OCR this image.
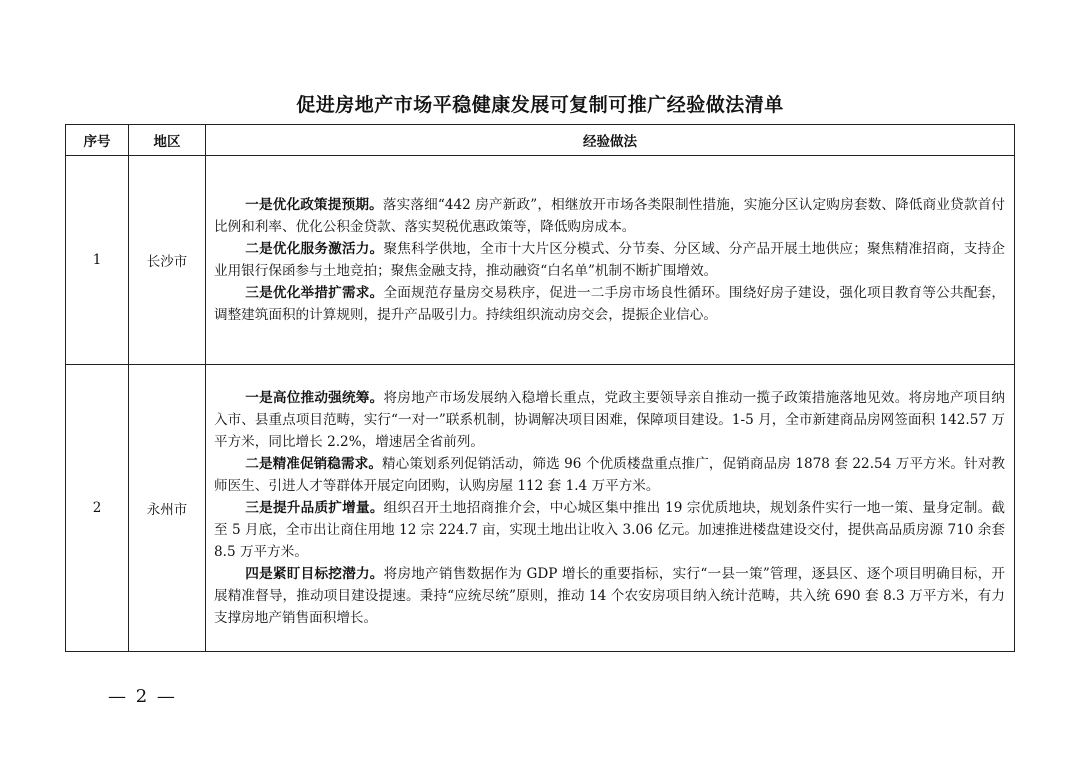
促进房地产市场平稳健康发展可复制可推广经验做法清单
序号	地区	经验做法
1	长沙市	一是优化政策提预期。落实落细“442 房产新政”，相继放开市场各类限制性措施，实施分区认定购房套数、降低商业贷款首付比例和利率、优化公积金贷款、落实契税优惠政策等，降低购房成本。

二是优化服务激活力。聚焦科学供地，全市十大片区分模式、分节奏、分区域、分产品开展土地供应；聚焦精准招商，支持企业用银行保函参与土地竞拍；聚焦金融支持，推动融资“白名单”机制不断扩围增效。

三是优化举措扩需求。全面规范存量房交易秩序，促进一二手房市场良性循环。围绕好房子建设，强化项目教育等公共配套，调整建筑面积的计算规则，提升产品吸引力。持续组织流动房交会，提振企业信心。

2	永州市	一是高位推动强统筹。将房地产市场发展纳入稳增长重点，党政主要领导亲自推动一揽子政策措施落地见效。将房地产项目纳入市、县重点项目范畴，实行“一对一”联系机制，协调解决项目困难，保障项目建设。1-5 月，全市新建商品房网签面积 142.57 万平方米，同比增长 2.2%，增速居全省前列。

二是精准促销稳需求。精心策划系列促销活动，筛选 96 个优质楼盘重点推广，促销商品房 1878 套 22.54 万平方米。针对教师医生、引进人才等群体开展定向团购，认购房屋 112 套 1.4 万平方米。

三是提升品质扩增量。组织召开土地招商推介会，中心城区集中推出 19 宗优质地块，规划条件实行一地一策、量身定制。截至 5 月底，全市出让商住用地 12 宗 224.7 亩，实现土地出让收入 3.06 亿元。加速推进楼盘建设交付，提供高品质房源 710 余套 8.5 万平方米。

四是紧盯目标挖潜力。将房地产销售数据作为 GDP 增长的重要指标，实行“一县一策”管理，逐县区、逐个项目明确目标，开展精准督导，推动项目建设提速。秉持“应统尽统”原则，推动 14 个农安房项目纳入统计范畴，共入统 690 套 8.3 万平方米，有力支撑房地产销售面积增长。

— 2 —
